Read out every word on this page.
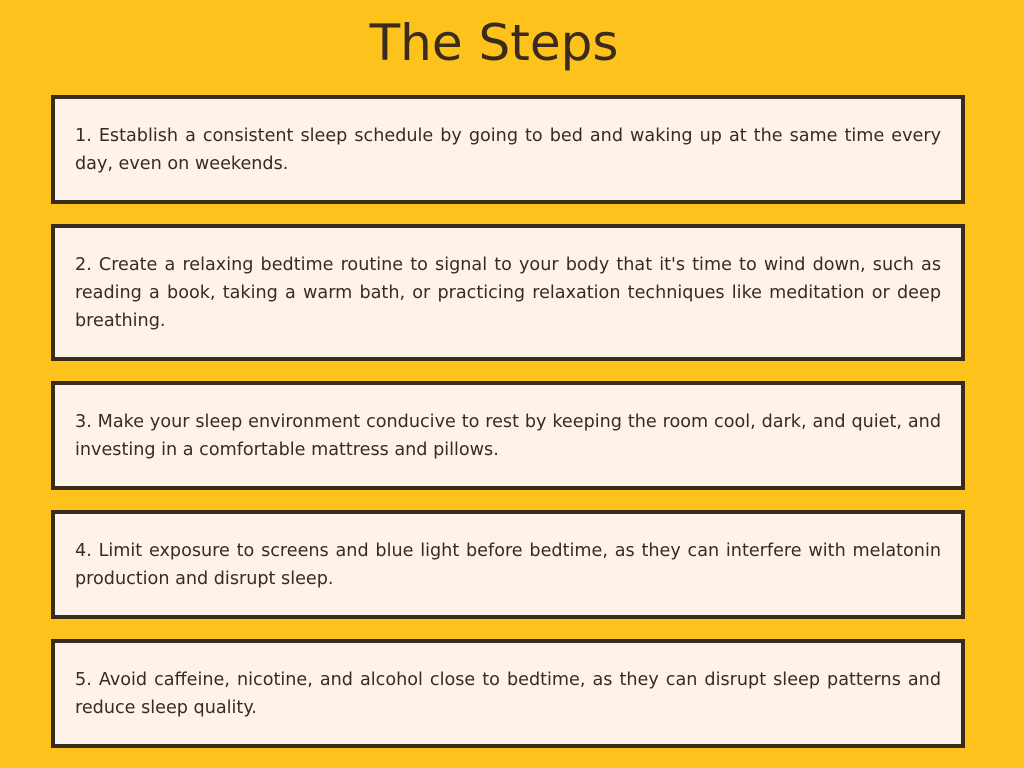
The Steps

1. Establish a consistent sleep schedule by going to bed and waking up at the same time every day, even on weekends.

2. Create a relaxing bedtime routine to signal to your body that it's time to wind down, such as reading a book, taking a warm bath, or practicing relaxation techniques like meditation or deep breathing.

3. Make your sleep environment conducive to rest by keeping the room cool, dark, and quiet, and investing in a comfortable mattress and pillows.

4. Limit exposure to screens and blue light before bedtime, as they can interfere with melatonin production and disrupt sleep.

5. Avoid caffeine, nicotine, and alcohol close to bedtime, as they can disrupt sleep patterns and reduce sleep quality.
